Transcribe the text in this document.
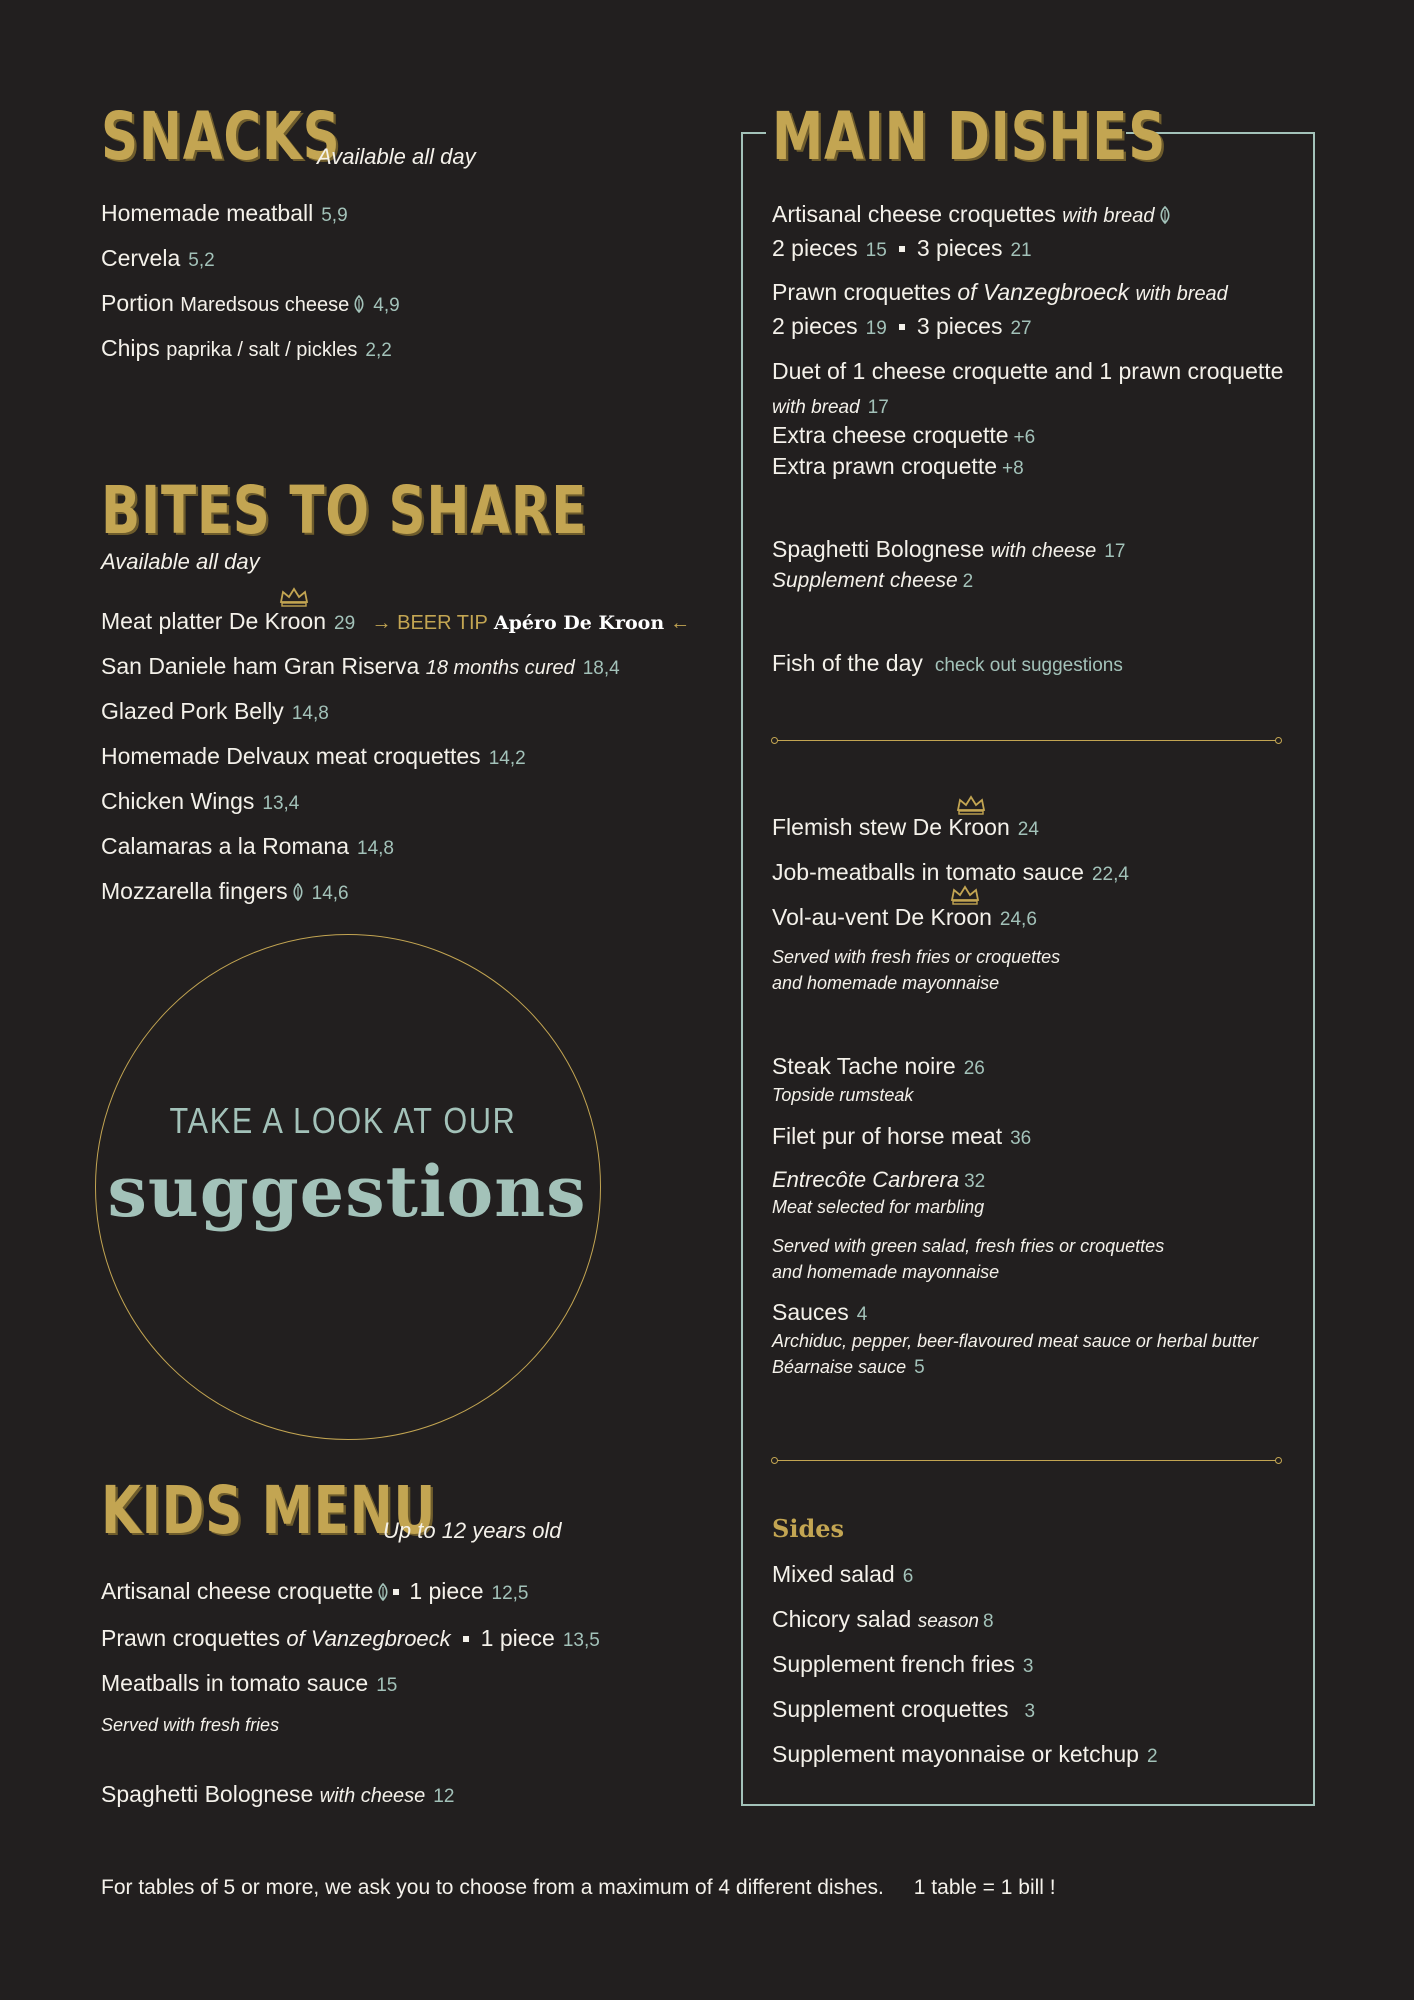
SNACKS
Available all day
Homemade meatball 5,9
Cervela 5,2
Portion Maredsous cheese 4,9
Chips paprika / salt / pickles 2,2
BITES TO SHARE
Available all day
Meat platter De Kroon 29 → BEER TIP Apéro De Kroon ←
San Daniele ham Gran Riserva 18 months cured 18,4
Glazed Pork Belly 14,8
Homemade Delvaux meat croquettes 14,2
Chicken Wings 13,4
Calamaras a la Romana 14,8
Mozzarella fingers 14,6
TAKE A LOOK AT OUR
suggestions
KIDS MENU
Up to 12 years old
Artisanal cheese croquette 1 piece 12,5
Prawn croquettes of Vanzegbroeck 1 piece 13,5
Meatballs in tomato sauce 15
Served with fresh fries
Spaghetti Bolognese with cheese 12
MAIN DISHES
Artisanal cheese croquettes with bread
2 pieces 15 3 pieces 21
Prawn croquettes of Vanzegbroeck with bread
2 pieces 19 3 pieces 27
Duet of 1 cheese croquette and 1 prawn croquette
with bread 17
Extra cheese croquette +6
Extra prawn croquette +8
Spaghetti Bolognese with cheese 17
Supplement cheese 2
Fish of the day check out suggestions
Flemish stew De Kroon 24
Job-meatballs in tomato sauce 22,4
Vol-au-vent De Kroon 24,6
Served with fresh fries or croquettes
and homemade mayonnaise
Steak Tache noire 26
Topside rumsteak
Filet pur of horse meat 36
Entrecôte Carbrera 32
Meat selected for marbling
Served with green salad, fresh fries or croquettes
and homemade mayonnaise
Sauces 4
Archiduc, pepper, beer-flavoured meat sauce or herbal butter
Béarnaise sauce 5
Sides
Mixed salad 6
Chicory salad season 8
Supplement french fries 3
Supplement croquettes 3
Supplement mayonnaise or ketchup 2
For tables of 5 or more, we ask you to choose from a maximum of 4 different dishes. 1 table = 1 bill !
